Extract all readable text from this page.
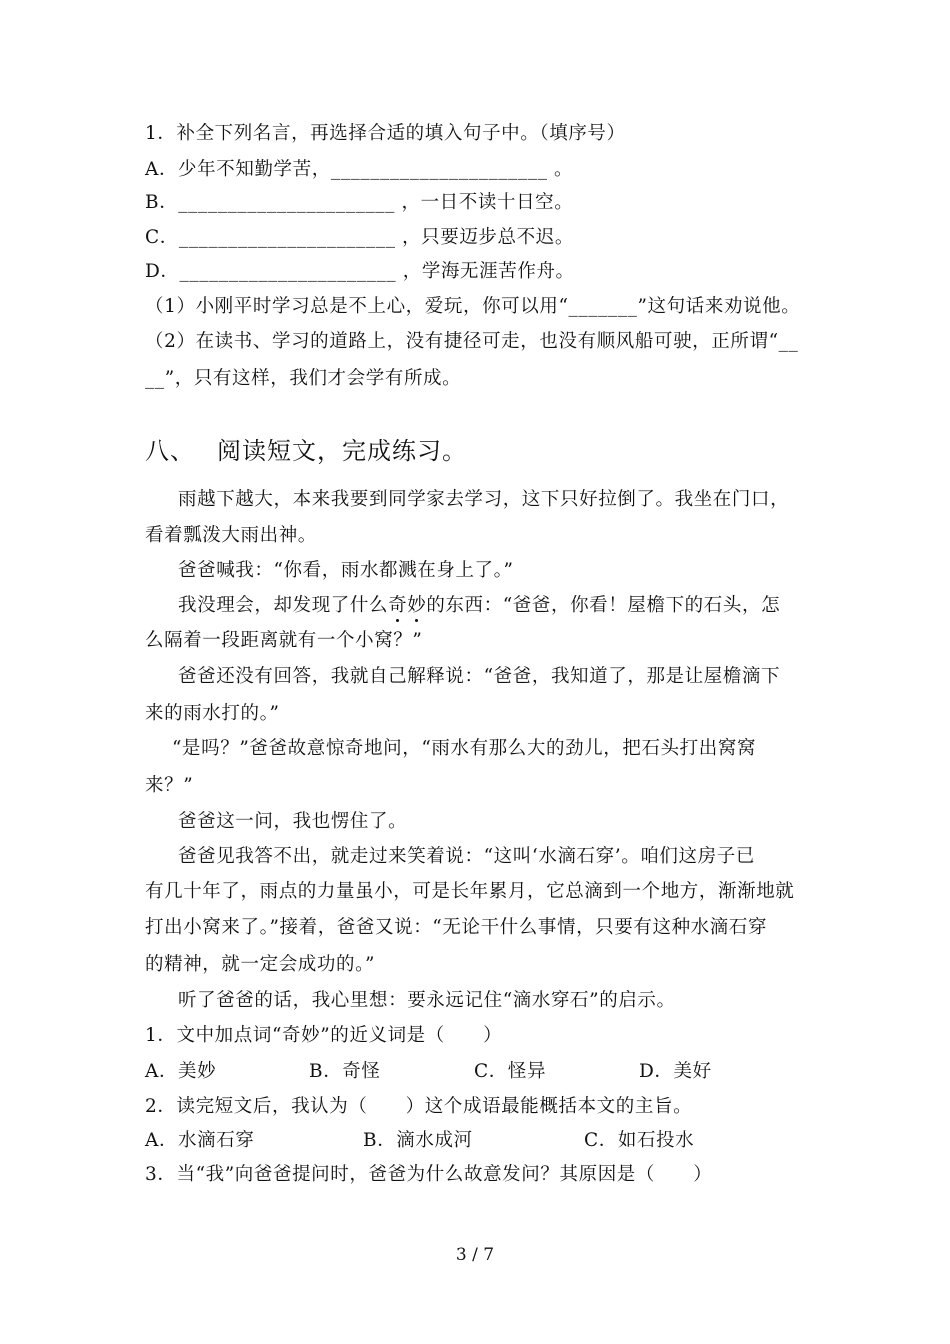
1．补全下列名言，再选择合适的填入句子中。（填序号）
A．少年不知勤学苦，______________________ 。
B．______________________ ，一日不读十日空。
C．______________________ ，只要迈步总不迟。
D．______________________ ，学海无涯苦作舟。
（1）小刚平时学习总是不上心，爱玩，你可以用“_______”这句话来劝说他。
（2）在读书、学习的道路上，没有捷径可走，也没有顺风船可驶，正所谓“__
__”，只有这样，我们才会学有所成。
八、 阅读短文，完成练习。
雨越下越大，本来我要到同学家去学习，这下只好拉倒了。我坐在门口，
看着瓢泼大雨出神。
爸爸喊我：“你看，雨水都溅在身上了。”
我没理会，却发现了什么奇妙的东西：“爸爸，你看！屋檐下的石头，怎
么隔着一段距离就有一个小窝？”
爸爸还没有回答，我就自己解释说：“爸爸，我知道了，那是让屋檐滴下
来的雨水打的。”
“是吗？”爸爸故意惊奇地问，“雨水有那么大的劲儿，把石头打出窝窝
来？”
爸爸这一问，我也愣住了。
爸爸见我答不出，就走过来笑着说：“这叫‘水滴石穿’。咱们这房子已
有几十年了，雨点的力量虽小，可是长年累月，它总滴到一个地方，渐渐地就
打出小窝来了。”接着，爸爸又说：“无论干什么事情，只要有这种水滴石穿
的精神，就一定会成功的。”
听了爸爸的话，我心里想：要永远记住“滴水穿石”的启示。
1．文中加点词“奇妙”的近义词是（　　）
A．美妙	B．奇怪	C．怪异	D．美好
2．读完短文后，我认为（　　）这个成语最能概括本文的主旨。
A．水滴石穿	B．滴水成河	C．如石投水
3．当“我”向爸爸提问时，爸爸为什么故意发问？其原因是（　　）
3 / 7
